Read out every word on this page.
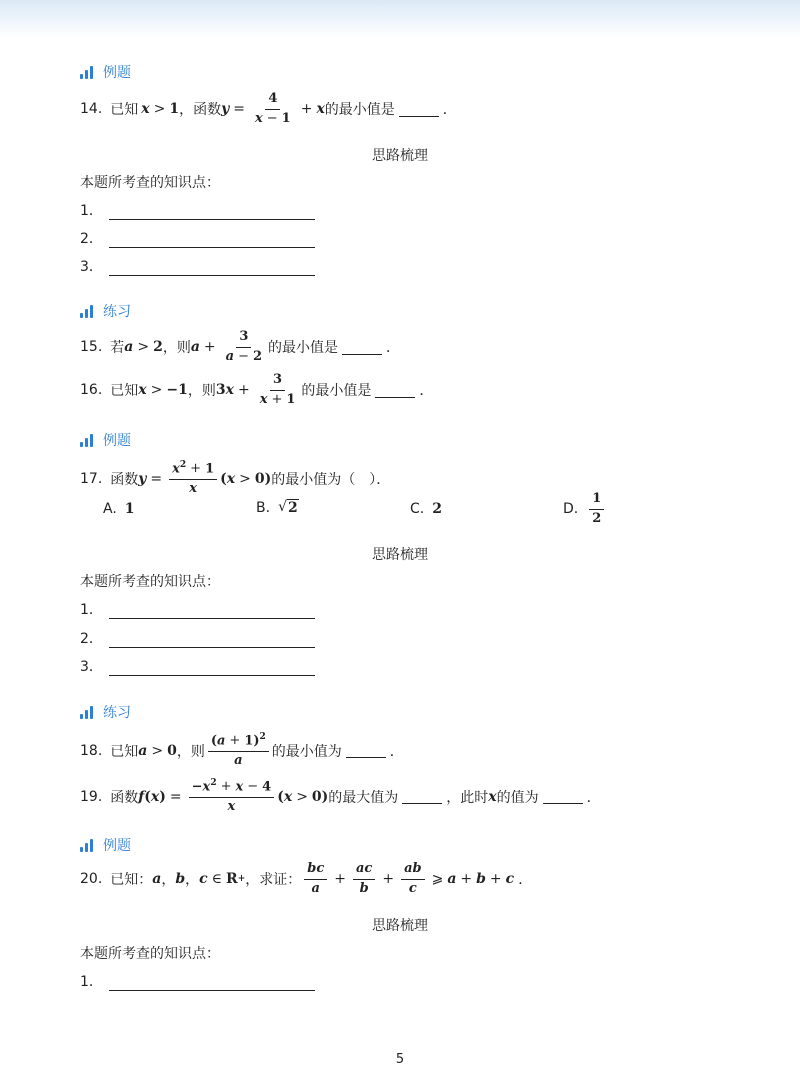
例题
14. 已知 x > 1 ，函数 $y = \frac{4}{x - 1} + x$ 的最小值是	．
思路梳理
本题所考查的知识点：
1．
2．
3．
练习
15. 若 a > 2 ，则 $a + \frac{3}{a - 2}$ 的最小值是	．
16. 已知 x > −1 ，则 3 $x + \frac{3}{x + 1}$ 的最小值是	．
例题
17. 函数 $y = \frac{x^2 + 1}{x}$ ( x > 0) 的最小值为（　）．
A. 1	B. √ 2	C. 2	D. $\frac{1}{2}$
思路梳理
本题所考查的知识点：
1．
2．
3．
练习
18. 已知 a > 0 ，则 $\frac{(a + 1)^2}{a}$ 的最小值为	．
19. 函数 f ( x ) = $\frac{-x^2 + x - 4}{x}$ ( x > 0) 的最大值为	，此时 x 的值为	．
例题
20. 已知： a ， b ， c ∈ R + ，求证： $\frac{bc}{a} + \frac{ac}{b} + \frac{ab}{c}$ ⩾ a + b + c ．
思路梳理
本题所考查的知识点：
1．
5
